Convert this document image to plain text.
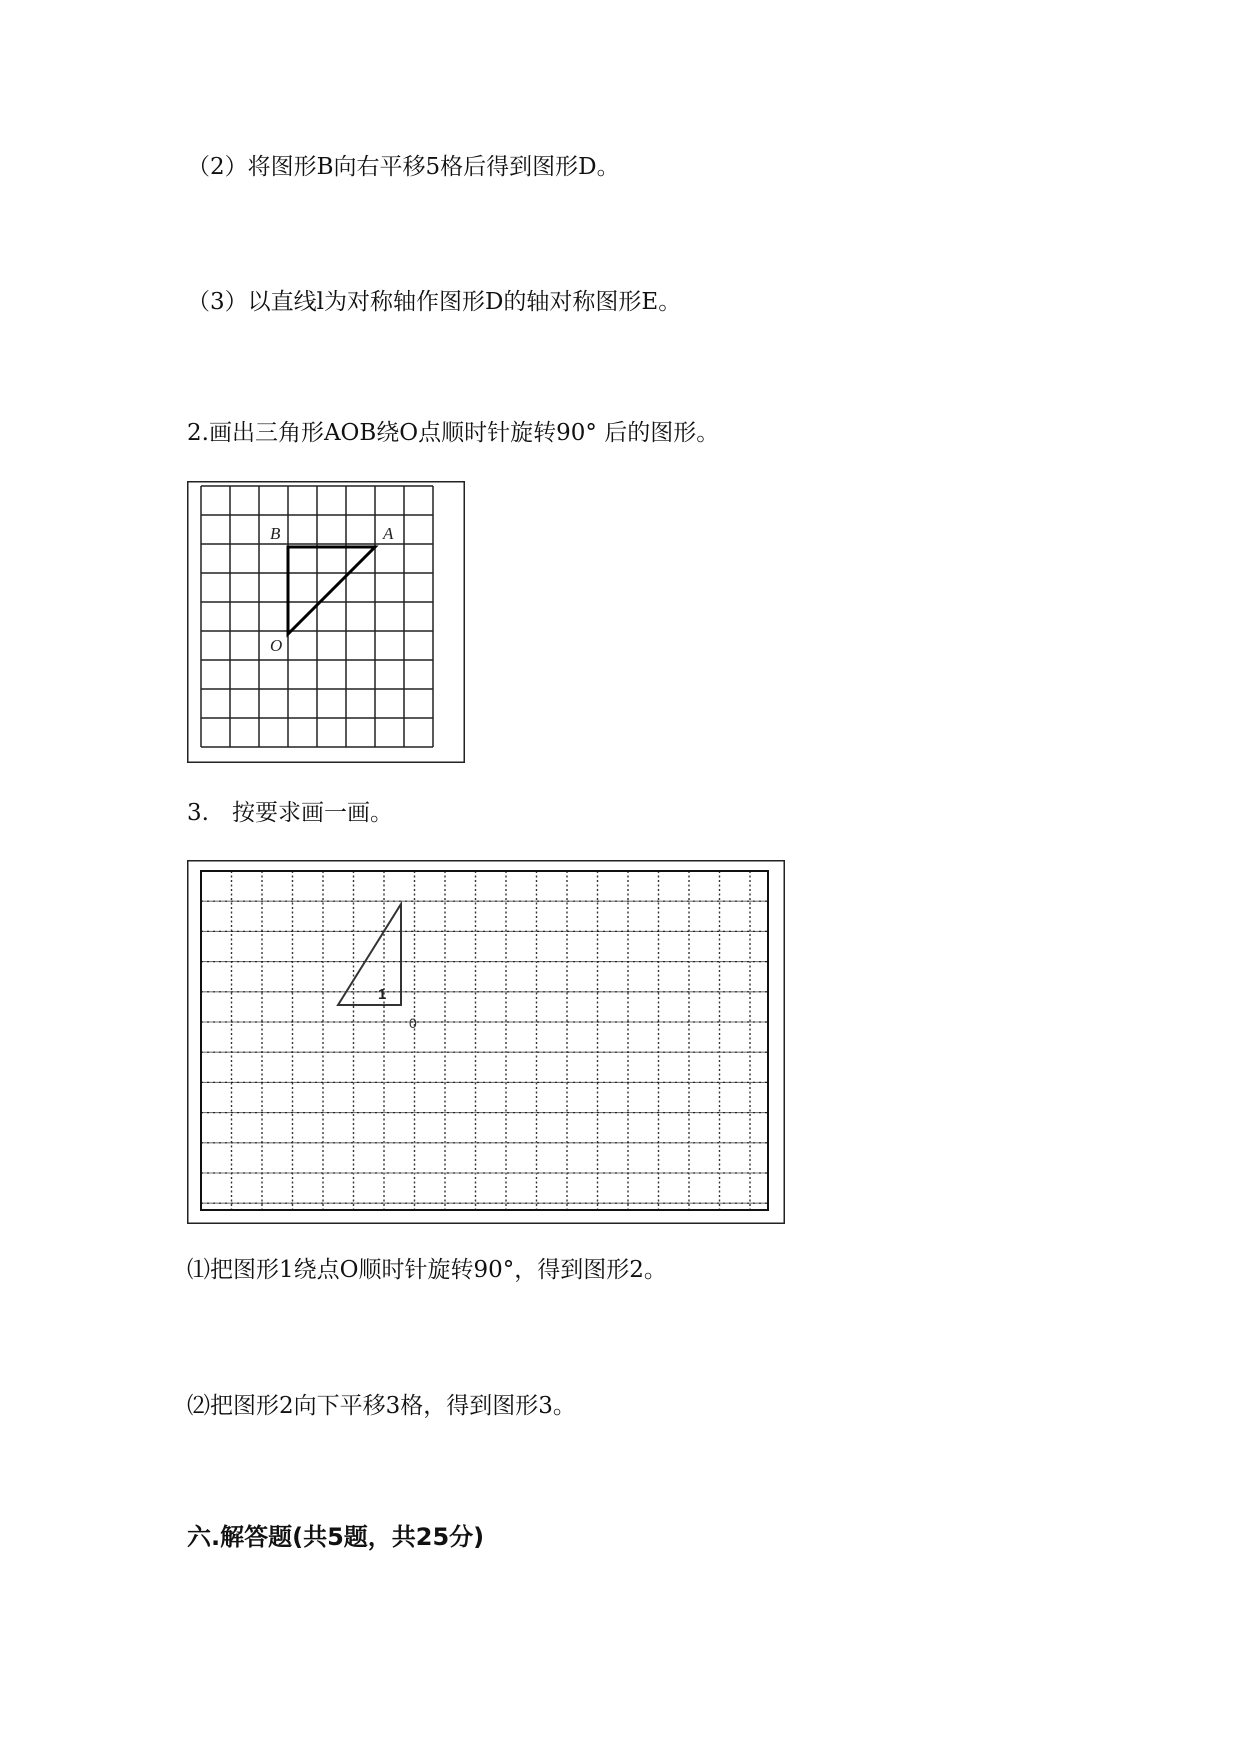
（2）将图形B向右平移5格后得到图形D。

（3）以直线l为对称轴作图形D的轴对称图形E。

2.画出三角形AOB绕O点顺时针旋转90° 后的图形。

B	A
O

3.　按要求画一画。

1
0

⑴把图形1绕点O顺时针旋转90°，得到图形2。

⑵把图形2向下平移3格，得到图形3。

六.解答题(共5题，共25分)
